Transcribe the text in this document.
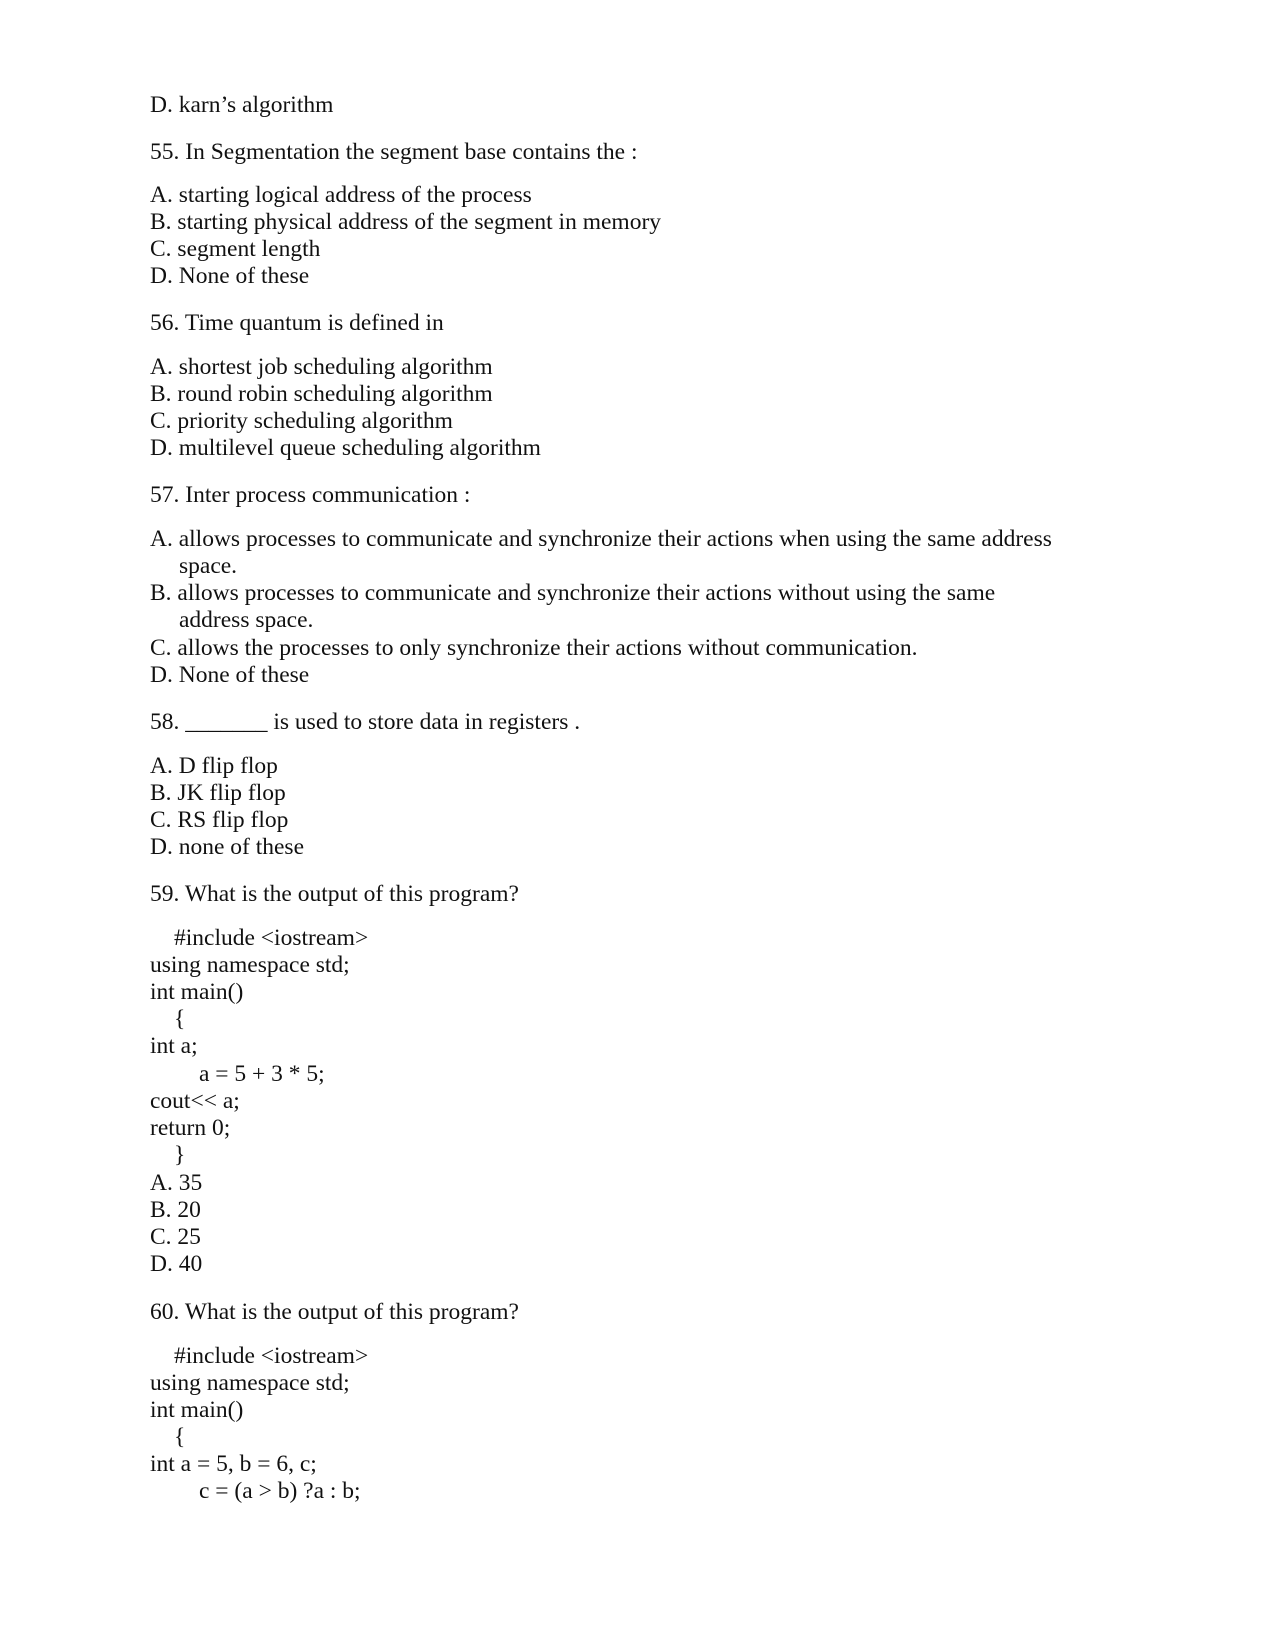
D. karn’s algorithm
55. In Segmentation the segment base contains the :
A. starting logical address of the process
B. starting physical address of the segment in memory
C. segment length
D. None of these
56. Time quantum is defined in
A. shortest job scheduling algorithm
B. round robin scheduling algorithm
C. priority scheduling algorithm
D. multilevel queue scheduling algorithm
57. Inter process communication :
A. allows processes to communicate and synchronize their actions when using the same address
space.
B. allows processes to communicate and synchronize their actions without using the same
address space.
C. allows the processes to only synchronize their actions without communication.
D. None of these
58. _______ is used to store data in registers .
A. D flip flop
B. JK flip flop
C. RS flip flop
D. none of these
59. What is the output of this program?
#include <iostream>
using namespace std;
int main()
{
int a;
a = 5 + 3 * 5;
cout<< a;
return 0;
}
A. 35
B. 20
C. 25
D. 40
60. What is the output of this program?
#include <iostream>
using namespace std;
int main()
{
int a = 5, b = 6, c;
c = (a > b) ?a : b;
